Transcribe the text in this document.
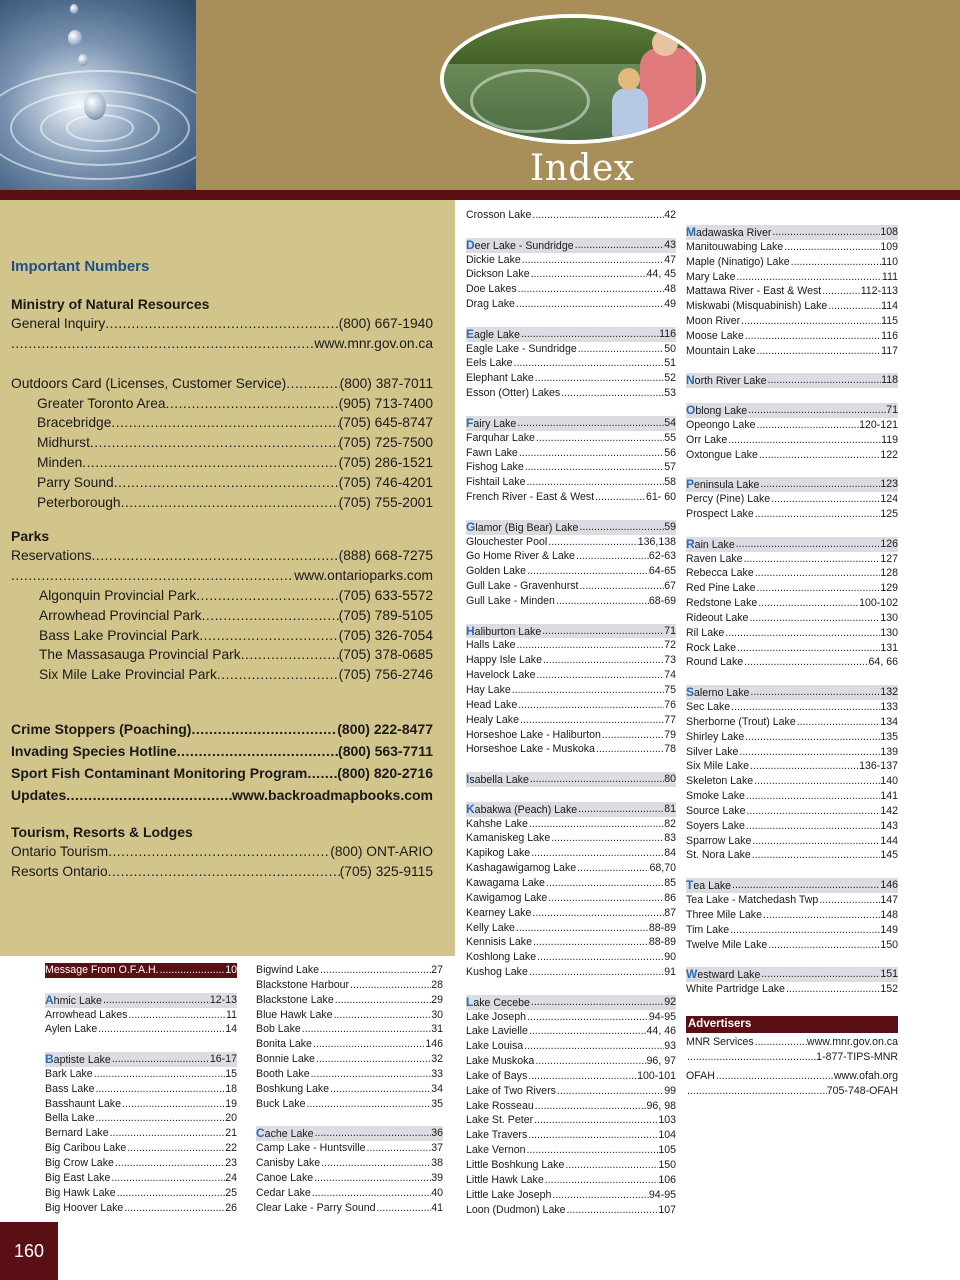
Index
Important Numbers
Ministry of Natural Resources
General Inquiry .....	(800) 667-1940
.....
www.mnr.gov.on.ca
Outdoors Card (Licenses, Customer Service) .....	(800) 387-7011
Greater Toronto Area .....	(905) 713-7400
Bracebridge .....	(705) 645-8747
Midhurst .....	(705) 725-7500
Minden .....	(705) 286-1521
Parry Sound .....	(705) 746-4201
Peterborough .....	(705) 755-2001
Parks
Reservations .....	(888) 668-7275
.....
www.ontarioparks.com
Algonquin Provincial Park .....	(705) 633-5572
Arrowhead Provincial Park .....	(705) 789-5105
Bass Lake Provincial Park .....	(705) 326-7054
The Massasauga Provincial Park .....	(705) 378-0685
Six Mile Lake Provincial Park .....	(705) 756-2746
Crime Stoppers (Poaching) .....	(800) 222-8477
Invading Species Hotline .....	(800) 563-7711
Sport Fish Contaminant Monitoring Program ..... (800) 820-2716
Updates .....	www.backroadmapbooks.com
Tourism, Resorts & Lodges
Ontario Tourism .....	(800) ONT-ARIO
Resorts Ontario .....	(705) 325-9115
Message From O.F.A.H. .....	10
Ahmic Lake .....	12-13
Arrowhead Lakes .....	11
Aylen Lake .....	14
Baptiste Lake .....	16-17
Bark Lake .....	15
Bass Lake .....	18
Basshaunt Lake .....	19
Bella Lake .....	20
Bernard Lake .....	21
Big Caribou Lake .....	22
Big Crow Lake .....	23
Big East Lake .....	24
Big Hawk Lake .....	25
Big Hoover Lake .....	26
Bigwind Lake .....	27
Blackstone Harbour .....	28
Blackstone Lake .....	29
Blue Hawk Lake .....	30
Bob Lake .....	31
Bonita Lake .....	146
Bonnie Lake .....	32
Booth Lake .....	33
Boshkung Lake .....	34
Buck Lake .....	35
Cache Lake .....	36
Camp Lake - Huntsville .....	37
Canisby Lake .....	38
Canoe Lake .....	39
Cedar Lake .....	40
Clear Lake - Parry Sound .....	41
Crosson Lake .....	42
Deer Lake - Sundridge .....	43
Dickie Lake .....	47
Dickson Lake .....	44, 45
Doe Lakes .....	48
Drag Lake .....	49
Eagle Lake .....	116
Eagle Lake - Sundridge .....	50
Eels Lake .....	51
Elephant Lake .....	52
Esson (Otter) Lakes .....	53
Fairy Lake .....	54
Farquhar Lake .....	55
Fawn Lake .....	56
Fishog Lake .....	57
Fishtail Lake .....	58
French River - East & West .....	61- 60
Glamor (Big Bear) Lake .....	59
Glouchester Pool .....	136,138
Go Home River & Lake .....	62-63
Golden Lake .....	64-65
Gull Lake - Gravenhurst .....	67
Gull Lake - Minden .....	68-69
Haliburton Lake .....	71
Halls Lake .....	72
Happy Isle Lake .....	73
Havelock Lake .....	74
Hay Lake .....	75
Head Lake .....	76
Healy Lake .....	77
Horseshoe Lake - Haliburton .....	79
Horseshoe Lake - Muskoka .....	78
Isabella Lake .....	80
Kabakwa (Peach) Lake .....	81
Kahshe Lake .....	82
Kamaniskeg Lake .....	83
Kapikog Lake .....	84
Kashagawigamog Lake .....	68,70
Kawagama Lake .....	85
Kawigamog Lake .....	86
Kearney Lake .....	87
Kelly Lake .....	88-89
Kennisis Lake .....	88-89
Koshlong Lake .....	90
Kushog Lake .....	91
Lake Cecebe .....	92
Lake Joseph .....	94-95
Lake Lavielle .....	44, 46
Lake Louisa .....	93
Lake Muskoka .....	96, 97
Lake of Bays .....	100-101
Lake of Two Rivers .....	99
Lake Rosseau .....	96, 98
Lake St. Peter .....	103
Lake Travers .....	104
Lake Vernon .....	105
Little Boshkung Lake .....	150
Little Hawk Lake .....	106
Little Lake Joseph .....	94-95
Loon (Dudmon) Lake .....	107
Madawaska River .....	108
Manitouwabing Lake .....	109
Maple (Ninatigo) Lake .....	110
Mary Lake .....	111
Mattawa River - East & West .....	112-113
Miskwabi (Misquabinish) Lake .....	114
Moon River .....	115
Moose Lake .....	116
Mountain Lake .....	117
North River Lake .....	118
Oblong Lake .....	71
Opeongo Lake .....	120-121
Orr Lake .....	119
Oxtongue Lake .....	122
Peninsula Lake .....	123
Percy (Pine) Lake .....	124
Prospect Lake .....	125
Rain Lake .....	126
Raven Lake .....	127
Rebecca Lake .....	128
Red Pine Lake .....	129
Redstone Lake .....	100-102
Rideout Lake .....	130
Ril Lake .....	130
Rock Lake .....	131
Round Lake .....	64, 66
Salerno Lake .....	132
Sec Lake .....	133
Sherborne (Trout) Lake .....	134
Shirley Lake .....	135
Silver Lake .....	139
Six Mile Lake .....	136-137
Skeleton Lake .....	140
Smoke Lake .....	141
Source Lake .....	142
Soyers Lake .....	143
Sparrow Lake .....	144
St. Nora Lake .....	145
Tea Lake .....	146
Tea Lake - Matchedash Twp .....	147
Three Mile Lake .....	148
Tim Lake .....	149
Twelve Mile Lake .....	150
Westward Lake .....	151
White Partridge Lake .....	152
Advertisers
MNR Services .....	www.mnr.gov.on.ca
.....
1-877-TIPS-MNR
OFAH .....	www.ofah.org
.....
705-748-OFAH
160
